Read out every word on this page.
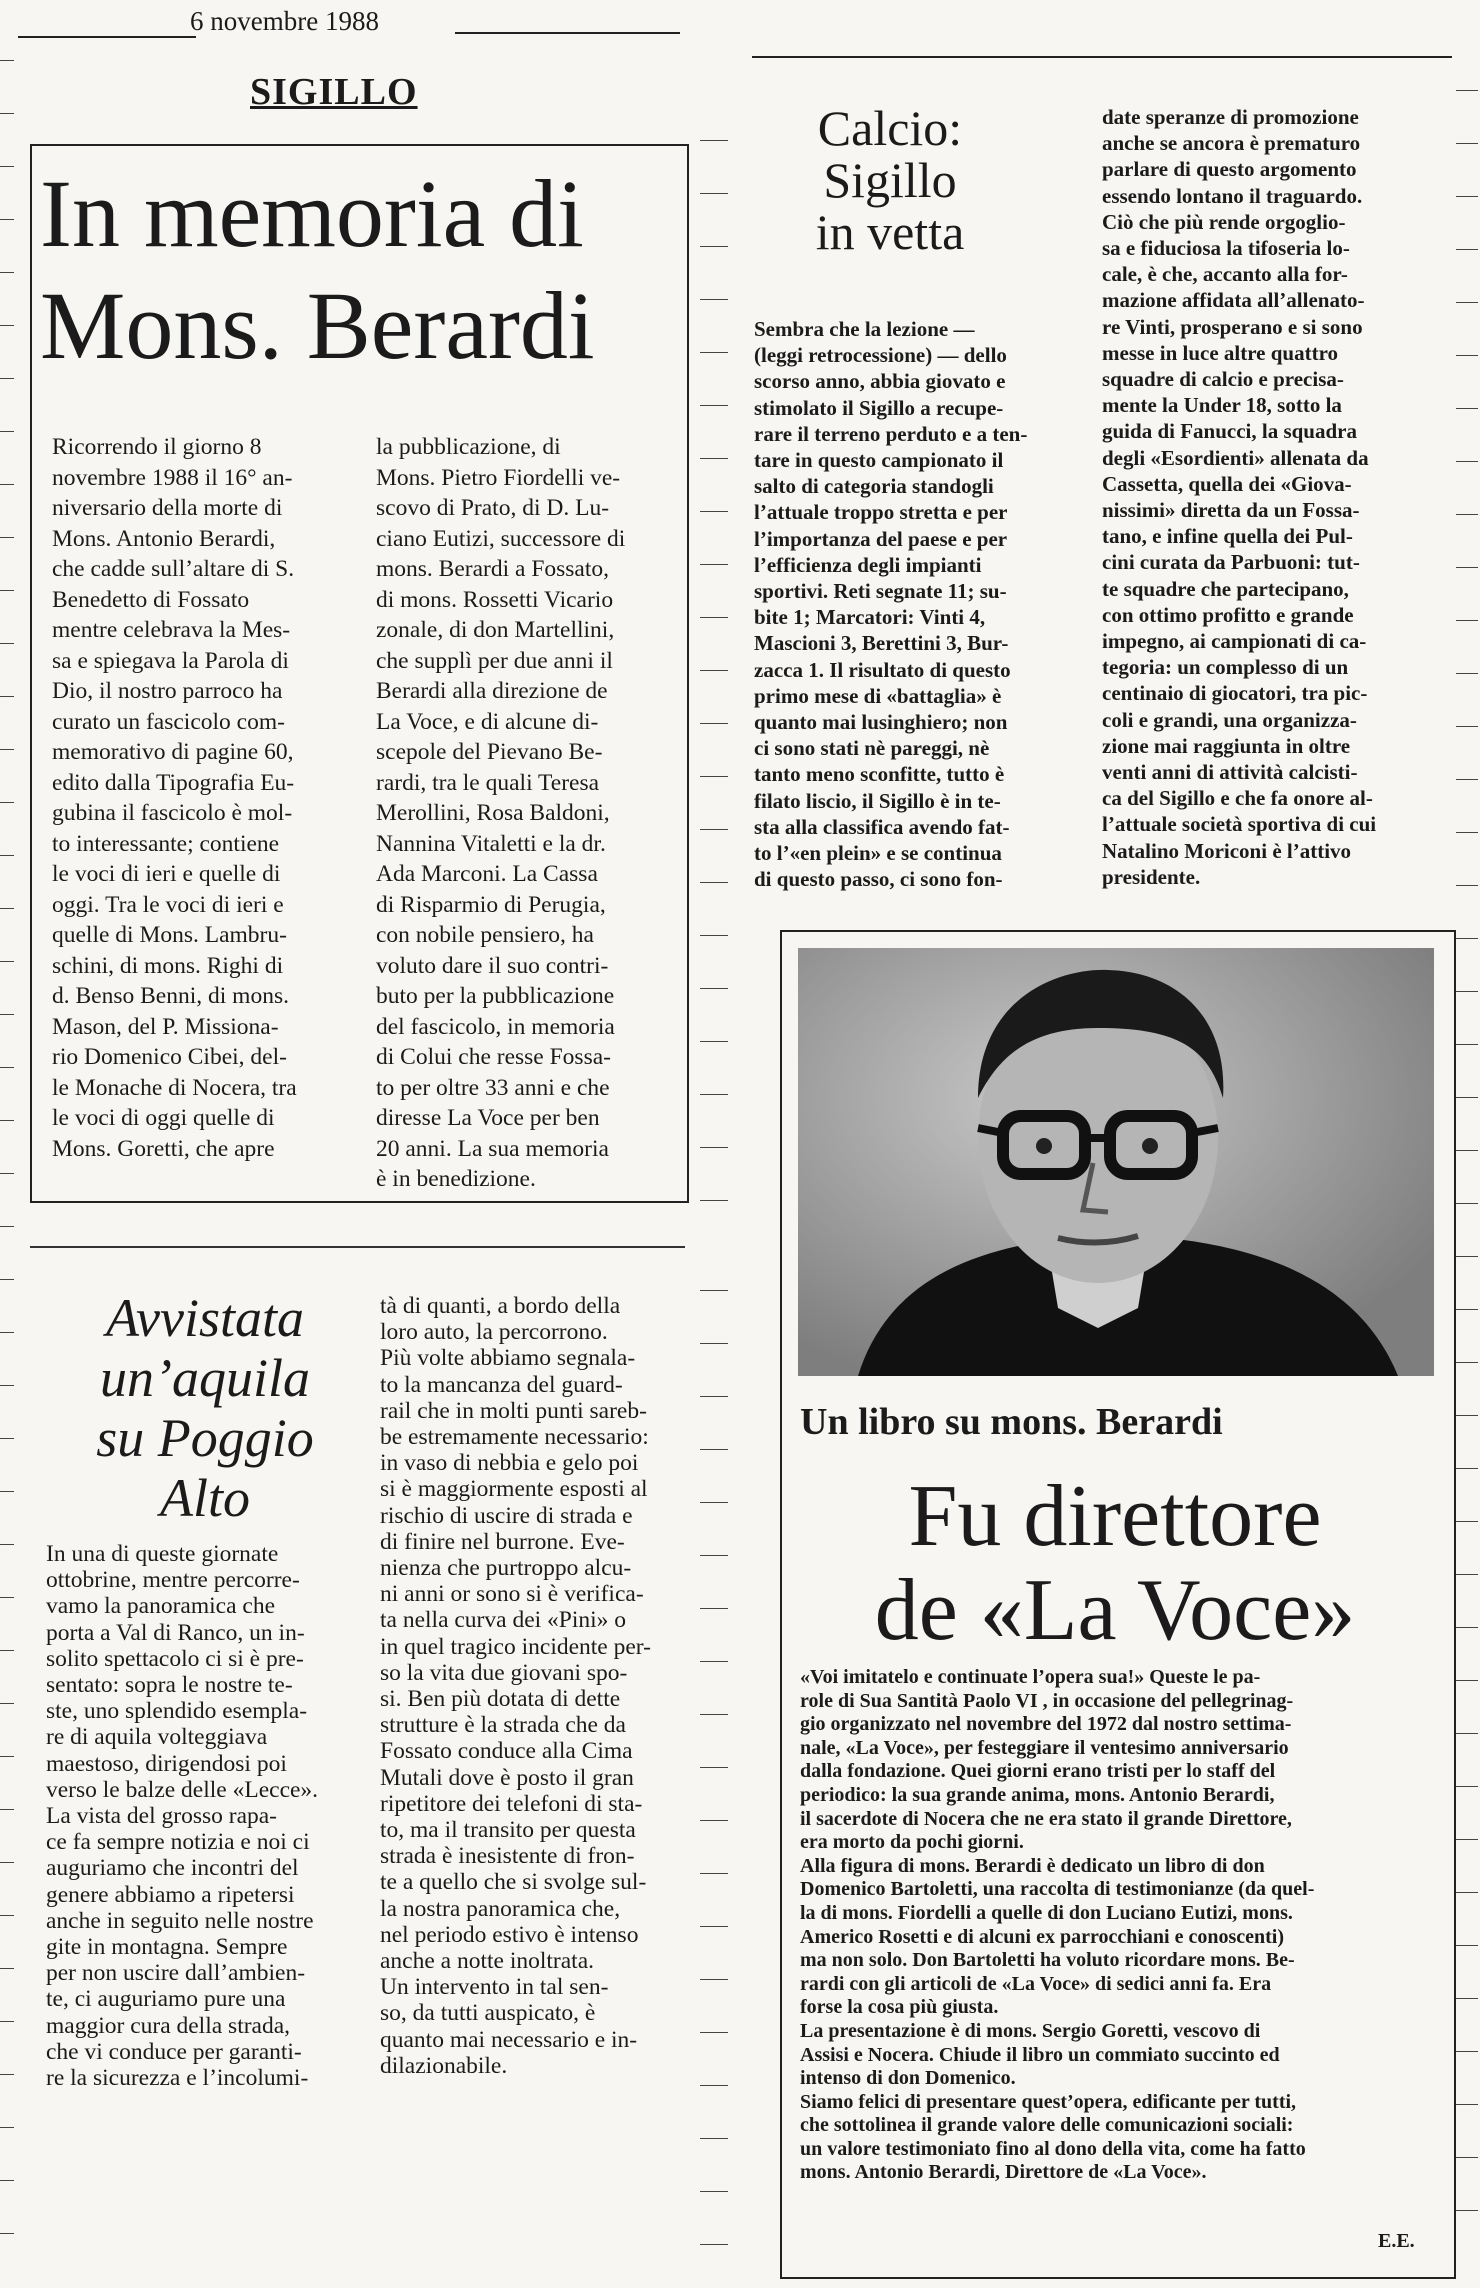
6 novembre 1988
SIGILLO
In memoria di
Mons. Berardi
Ricorrendo il giorno 8
novembre 1988 il 16° an-
niversario della morte di
Mons. Antonio Berardi,
che cadde sull’altare di S.
Benedetto di Fossato
mentre celebrava la Mes-
sa e spiegava la Parola di
Dio, il nostro parroco ha
curato un fascicolo com-
memorativo di pagine 60,
edito dalla Tipografia Eu-
gubina il fascicolo è mol-
to interessante; contiene
le voci di ieri e quelle di
oggi. Tra le voci di ieri e
quelle di Mons. Lambru-
schini, di mons. Righi di
d. Benso Benni, di mons.
Mason, del P. Missiona-
rio Domenico Cibei, del-
le Monache di Nocera, tra
le voci di oggi quelle di
Mons. Goretti, che apre
la pubblicazione, di
Mons. Pietro Fiordelli ve-
scovo di Prato, di D. Lu-
ciano Eutizi, successore di
mons. Berardi a Fossato,
di mons. Rossetti Vicario
zonale, di don Martellini,
che supplì per due anni il
Berardi alla direzione de
La Voce, e di alcune di-
scepole del Pievano Be-
rardi, tra le quali Teresa
Merollini, Rosa Baldoni,
Nannina Vitaletti e la dr.
Ada Marconi. La Cassa
di Risparmio di Perugia,
con nobile pensiero, ha
voluto dare il suo contri-
buto per la pubblicazione
del fascicolo, in memoria
di Colui che resse Fossa-
to per oltre 33 anni e che
diresse La Voce per ben
20 anni. La sua memoria
è in benedizione.
Avvistata
un’aquila
su Poggio
Alto
In una di queste giornate
ottobrine, mentre percorre-
vamo la panoramica che
porta a Val di Ranco, un in-
solito spettacolo ci si è pre-
sentato: sopra le nostre te-
ste, uno splendido esempla-
re di aquila volteggiava
maestoso, dirigendosi poi
verso le balze delle «Lecce».
La vista del grosso rapa-
ce fa sempre notizia e noi ci
auguriamo che incontri del
genere abbiamo a ripetersi
anche in seguito nelle nostre
gite in montagna. Sempre
per non uscire dall’ambien-
te, ci auguriamo pure una
maggior cura della strada,
che vi conduce per garanti-
re la sicurezza e l’incolumi-
tà di quanti, a bordo della
loro auto, la percorrono.
Più volte abbiamo segnala-
to la mancanza del guard-
rail che in molti punti sareb-
be estremamente necessario:
in vaso di nebbia e gelo poi
si è maggiormente esposti al
rischio di uscire di strada e
di finire nel burrone. Eve-
nienza che purtroppo alcu-
ni anni or sono si è verifica-
ta nella curva dei «Pini» o
in quel tragico incidente per-
so la vita due giovani spo-
si. Ben più dotata di dette
strutture è la strada che da
Fossato conduce alla Cima
Mutali dove è posto il gran
ripetitore dei telefoni di sta-
to, ma il transito per questa
strada è inesistente di fron-
te a quello che si svolge sul-
la nostra panoramica che,
nel periodo estivo è intenso
anche a notte inoltrata.
Un intervento in tal sen-
so, da tutti auspicato, è
quanto mai necessario e in-
dilazionabile.
Calcio:
Sigillo
in vetta
Sembra che la lezione —
(leggi retrocessione) — dello
scorso anno, abbia giovato e
stimolato il Sigillo a recupe-
rare il terreno perduto e a ten-
tare in questo campionato il
salto di categoria standogli
l’attuale troppo stretta e per
l’importanza del paese e per
l’efficienza degli impianti
sportivi. Reti segnate 11; su-
bite 1; Marcatori: Vinti 4,
Mascioni 3, Berettini 3, Bur-
zacca 1. Il risultato di questo
primo mese di «battaglia» è
quanto mai lusinghiero; non
ci sono stati nè pareggi, nè
tanto meno sconfitte, tutto è
filato liscio, il Sigillo è in te-
sta alla classifica avendo fat-
to l’«en plein» e se continua
di questo passo, ci sono fon-
date speranze di promozione
anche se ancora è prematuro
parlare di questo argomento
essendo lontano il traguardo.
Ciò che più rende orgoglio-
sa e fiduciosa la tifoseria lo-
cale, è che, accanto alla for-
mazione affidata all’allenato-
re Vinti, prosperano e si sono
messe in luce altre quattro
squadre di calcio e precisa-
mente la Under 18, sotto la
guida di Fanucci, la squadra
degli «Esordienti» allenata da
Cassetta, quella dei «Giova-
nissimi» diretta da un Fossa-
tano, e infine quella dei Pul-
cini curata da Parbuoni: tut-
te squadre che partecipano,
con ottimo profitto e grande
impegno, ai campionati di ca-
tegoria: un complesso di un
centinaio di giocatori, tra pic-
coli e grandi, una organizza-
zione mai raggiunta in oltre
venti anni di attività calcisti-
ca del Sigillo e che fa onore al-
l’attuale società sportiva di cui
Natalino Moriconi è l’attivo
presidente.
Un libro su mons. Berardi
Fu direttore
de «La Voce»
«Voi imitatelo e continuate l’opera sua!» Queste le pa-
role di Sua Santità Paolo VI , in occasione del pellegrinag-
gio organizzato nel novembre del 1972 dal nostro settima-
nale, «La Voce», per festeggiare il ventesimo anniversario
dalla fondazione. Quei giorni erano tristi per lo staff del
periodico: la sua grande anima, mons. Antonio Berardi,
il sacerdote di Nocera che ne era stato il grande Direttore,
era morto da pochi giorni.
Alla figura di mons. Berardi è dedicato un libro di don
Domenico Bartoletti, una raccolta di testimonianze (da quel-
la di mons. Fiordelli a quelle di don Luciano Eutizi, mons.
Americo Rosetti e di alcuni ex parrocchiani e conoscenti)
ma non solo. Don Bartoletti ha voluto ricordare mons. Be-
rardi con gli articoli de «La Voce» di sedici anni fa. Era
forse la cosa più giusta.
La presentazione è di mons. Sergio Goretti, vescovo di
Assisi e Nocera. Chiude il libro un commiato succinto ed
intenso di don Domenico.
Siamo felici di presentare quest’opera, edificante per tutti,
che sottolinea il grande valore delle comunicazioni sociali:
un valore testimoniato fino al dono della vita, come ha fatto
mons. Antonio Berardi, Direttore de «La Voce».
E.E.
